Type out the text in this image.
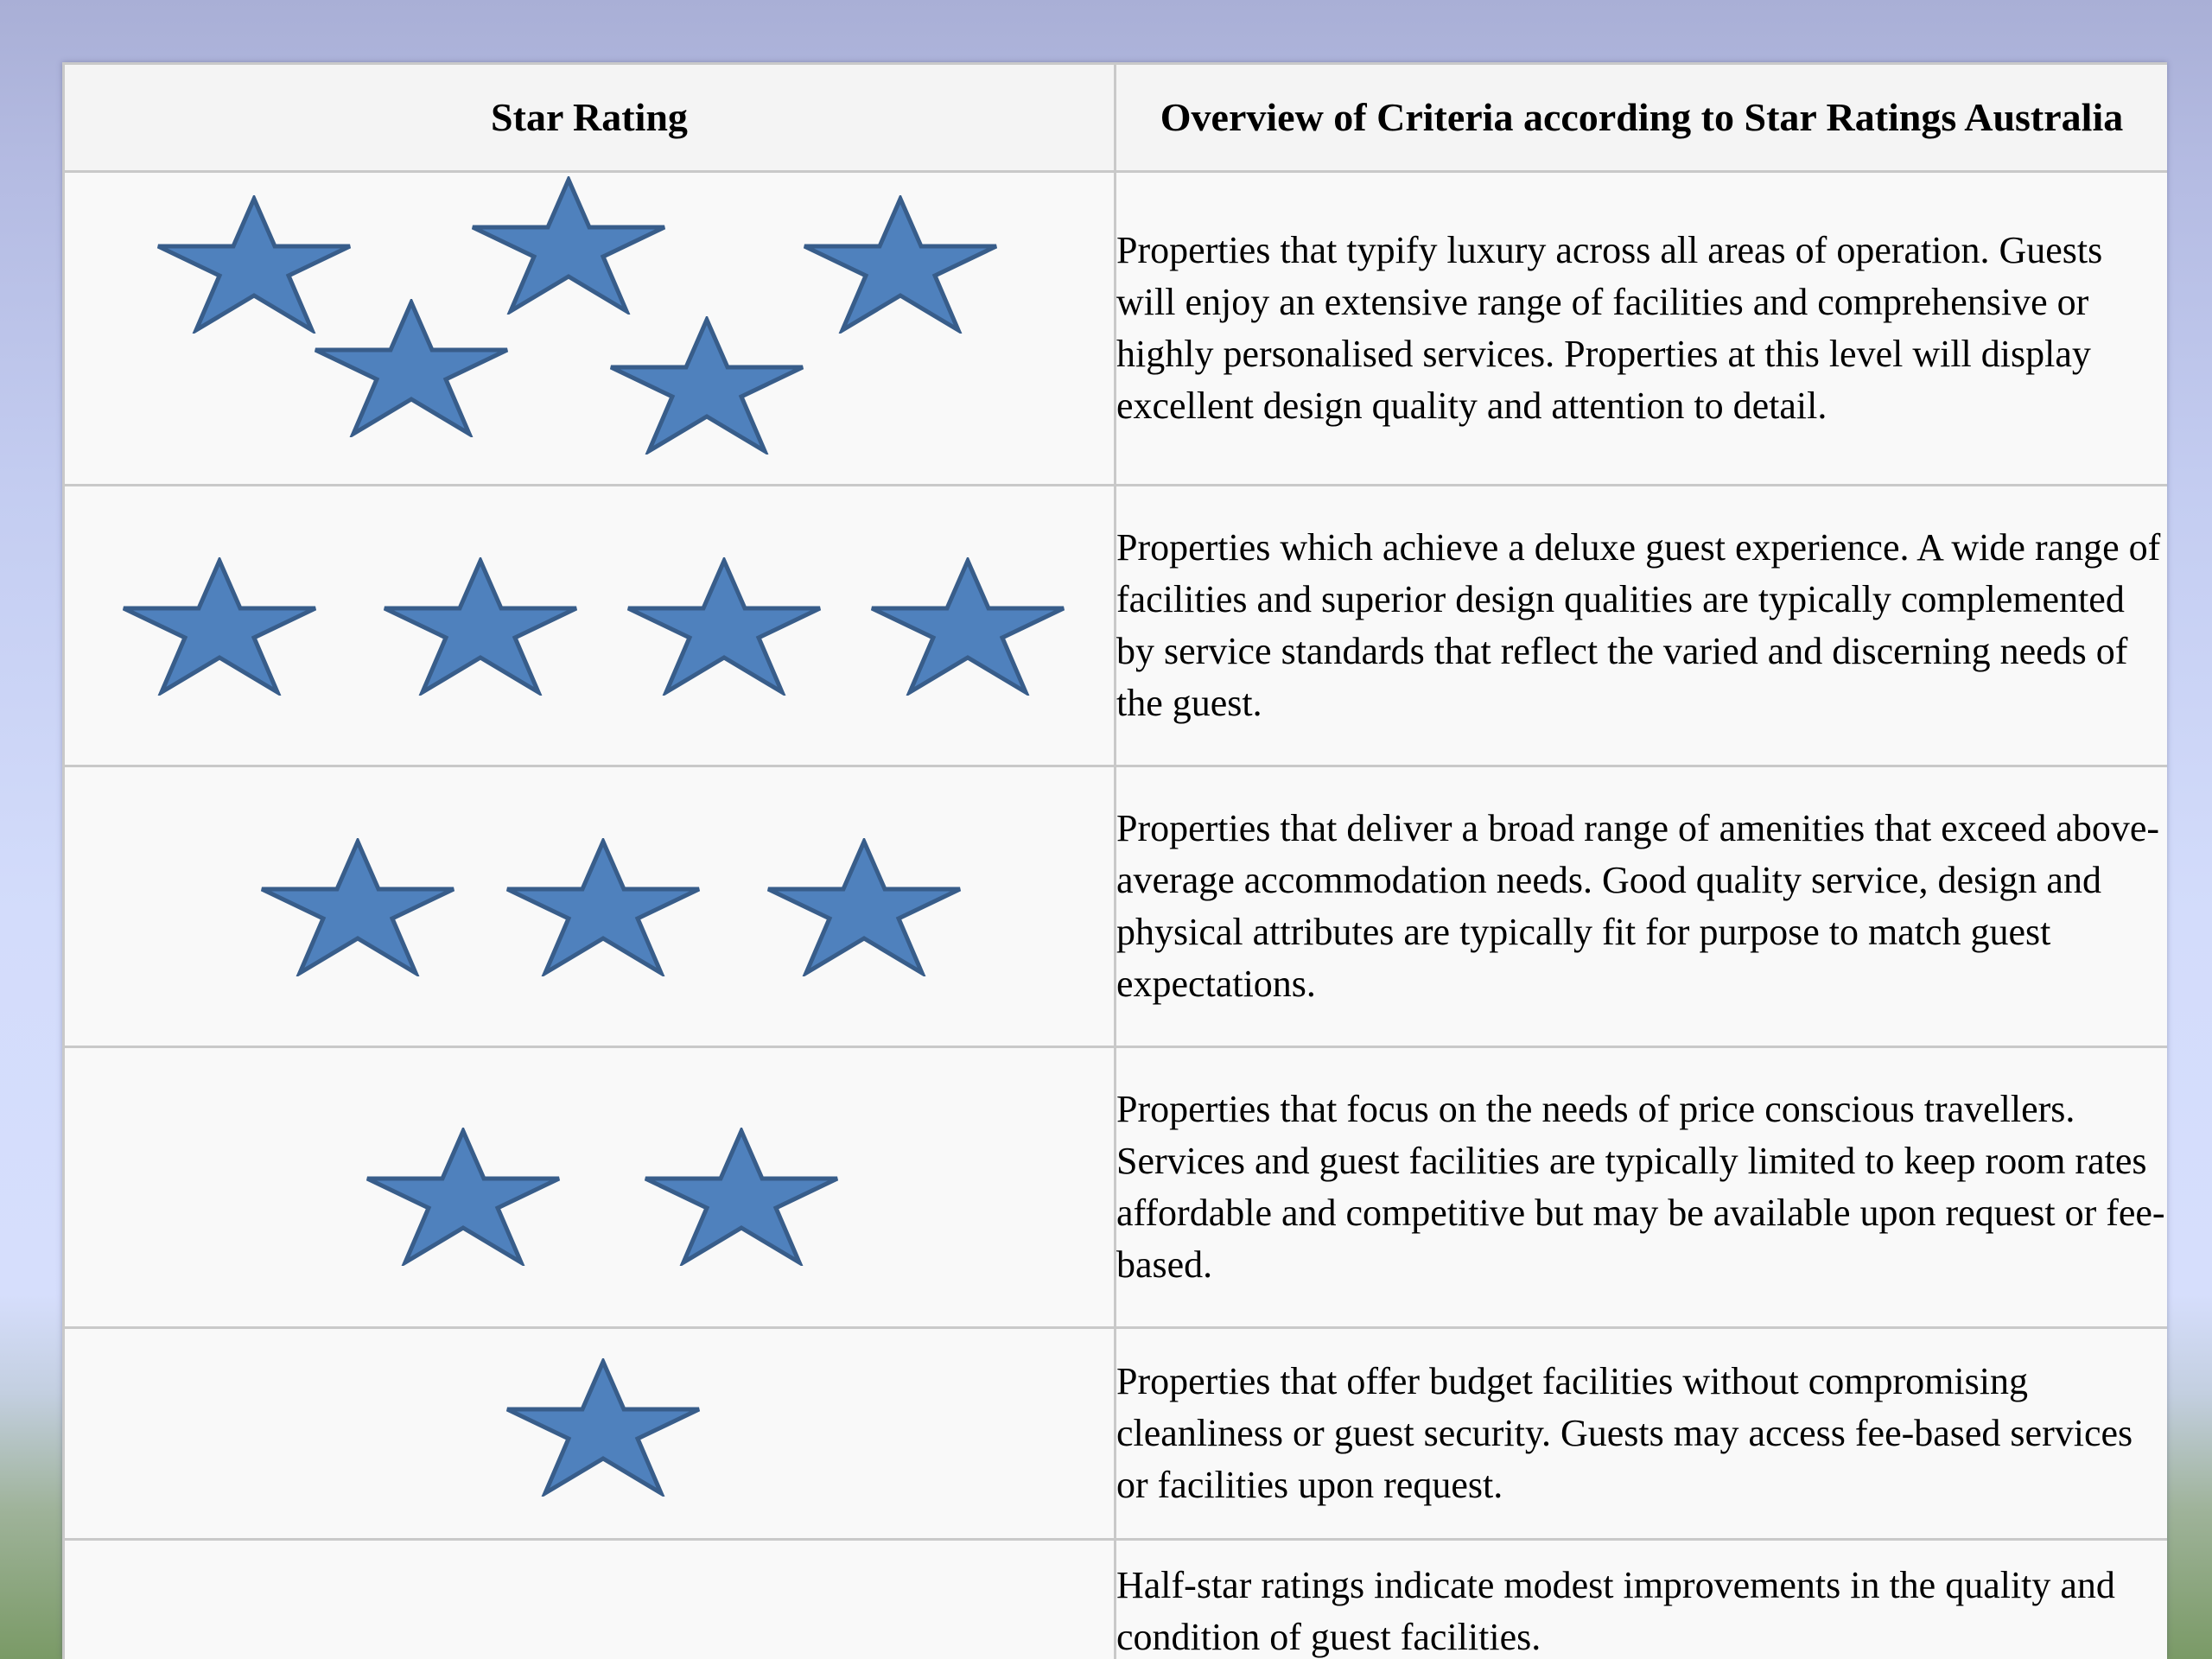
Star Rating	Overview of Criteria according to Star Ratings Australia

	Properties that typify luxury across all areas of operation. Guests will enjoy an extensive range of facilities and comprehensive or highly personalised services. Properties at this level will display excellent design quality and attention to detail.

	Properties which achieve a deluxe guest experience. A wide range of facilities and superior design qualities are typically complemented by service standards that reflect the varied and discerning needs of the guest.

	Properties that deliver a broad range of amenities that exceed above-average accommodation needs. Good quality service, design and physical attributes are typically fit for purpose to match guest expectations.

	Properties that focus on the needs of price conscious travellers. Services and guest facilities are typically limited to keep room rates affordable and competitive but may be available upon request or fee-based.

	Properties that offer budget facilities without compromising cleanliness or guest security. Guests may access fee-based services or facilities upon request.
	Half-star ratings indicate modest improvements in the quality and condition of guest facilities.
